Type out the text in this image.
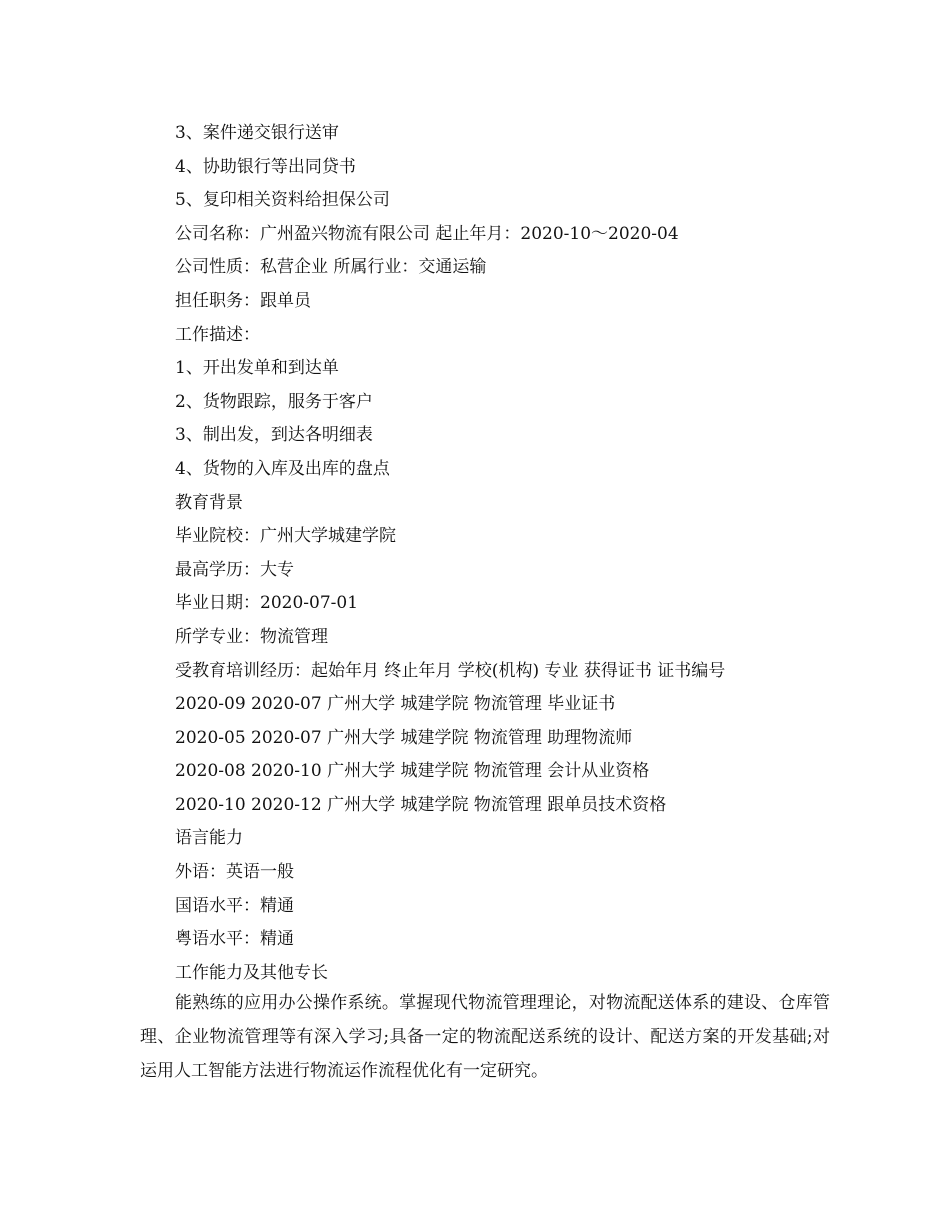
3、案件递交银行送审
4、协助银行等出同贷书
5、复印相关资料给担保公司
公司名称：广州盈兴物流有限公司 起止年月：2020-10～2020-04
公司性质：私营企业 所属行业：交通运输
担任职务：跟单员
工作描述：
1、开出发单和到达单
2、货物跟踪，服务于客户
3、制出发，到达各明细表
4、货物的入库及出库的盘点
教育背景
毕业院校：广州大学城建学院
最高学历：大专
毕业日期：2020-07-01
所学专业：物流管理
受教育培训经历：起始年月 终止年月 学校(机构) 专业 获得证书 证书编号
2020-09 2020-07 广州大学 城建学院 物流管理 毕业证书
2020-05 2020-07 广州大学 城建学院 物流管理 助理物流师
2020-08 2020-10 广州大学 城建学院 物流管理 会计从业资格
2020-10 2020-12 广州大学 城建学院 物流管理 跟单员技术资格
语言能力
外语：英语一般
国语水平：精通
粤语水平：精通
工作能力及其他专长
能熟练的应用办公操作系统。掌握现代物流管理理论，对物流配送体系的建设、仓库管理、企业物流管理等有深入学习;具备一定的物流配送系统的设计、配送方案的开发基础;对运用人工智能方法进行物流运作流程优化有一定研究。
